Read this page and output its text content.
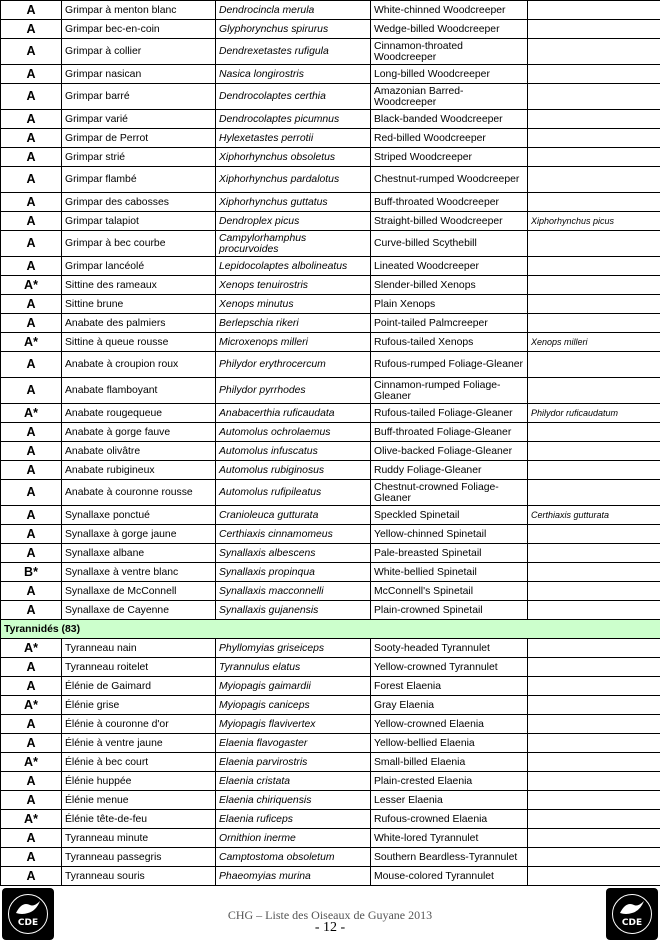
A	Grimpar à menton blanc	Dendrocincla merula	White-chinned Woodcreeper	
A	Grimpar bec-en-coin	Glyphorynchus spirurus	Wedge-billed Woodcreeper	
A	Grimpar à collier	Dendrexetastes rufigula	Cinnamon-throated Woodcreeper	
A	Grimpar nasican	Nasica longirostris	Long-billed Woodcreeper	
A	Grimpar barré	Dendrocolaptes certhia	Amazonian Barred-Woodcreeper	
A	Grimpar varié	Dendrocolaptes picumnus	Black-banded Woodcreeper	
A	Grimpar de Perrot	Hylexetastes perrotii	Red-billed Woodcreeper	
A	Grimpar strié	Xiphorhynchus obsoletus	Striped Woodcreeper	
A	Grimpar flambé	Xiphorhynchus pardalotus	Chestnut-rumped Woodcreeper	
A	Grimpar des cabosses	Xiphorhynchus guttatus	Buff-throated Woodcreeper	
A	Grimpar talapiot	Dendroplex picus	Straight-billed Woodcreeper	Xiphorhynchus picus
A	Grimpar à bec courbe	Campylorhamphus procurvoides	Curve-billed Scythebill	
A	Grimpar lancéolé	Lepidocolaptes albolineatus	Lineated Woodcreeper	
A*	Sittine des rameaux	Xenops tenuirostris	Slender-billed Xenops	
A	Sittine brune	Xenops minutus	Plain Xenops	
A	Anabate des palmiers	Berlepschia rikeri	Point-tailed Palmcreeper	
A*	Sittine à queue rousse	Microxenops milleri	Rufous-tailed Xenops	Xenops milleri
A	Anabate à croupion roux	Philydor erythrocercum	Rufous-rumped Foliage-Gleaner	
A	Anabate flamboyant	Philydor pyrrhodes	Cinnamon-rumped Foliage-Gleaner	
A*	Anabate rougequeue	Anabacerthia ruficaudata	Rufous-tailed Foliage-Gleaner	Philydor ruficaudatum
A	Anabate à gorge fauve	Automolus ochrolaemus	Buff-throated Foliage-Gleaner	
A	Anabate olivâtre	Automolus infuscatus	Olive-backed Foliage-Gleaner	
A	Anabate rubigineux	Automolus rubiginosus	Ruddy Foliage-Gleaner	
A	Anabate à couronne rousse	Automolus rufipileatus	Chestnut-crowned Foliage-Gleaner	
A	Synallaxe ponctué	Cranioleuca gutturata	Speckled Spinetail	Certhiaxis gutturata
A	Synallaxe à gorge jaune	Certhiaxis cinnamomeus	Yellow-chinned Spinetail	
A	Synallaxe albane	Synallaxis albescens	Pale-breasted Spinetail	
B*	Synallaxe à ventre blanc	Synallaxis propinqua	White-bellied Spinetail	
A	Synallaxe de McConnell	Synallaxis macconnelli	McConnell's Spinetail	
A	Synallaxe de Cayenne	Synallaxis gujanensis	Plain-crowned Spinetail	
Tyrannidés (83)				
A*	Tyranneau nain	Phyllomyias griseiceps	Sooty-headed Tyrannulet	
A	Tyranneau roitelet	Tyrannulus elatus	Yellow-crowned Tyrannulet	
A	Élénie de Gaimard	Myiopagis gaimardii	Forest Elaenia	
A*	Élénie grise	Myiopagis caniceps	Gray Elaenia	
A	Élénie à couronne d'or	Myiopagis flavivertex	Yellow-crowned Elaenia	
A	Élénie à ventre jaune	Elaenia flavogaster	Yellow-bellied Elaenia	
A*	Élénie à bec court	Elaenia parvirostris	Small-billed Elaenia	
A	Élénie huppée	Elaenia cristata	Plain-crested Elaenia	
A	Élénie menue	Elaenia chiriquensis	Lesser Elaenia	
A*	Élénie tête-de-feu	Elaenia ruficeps	Rufous-crowned Elaenia	
A	Tyranneau minute	Ornithion inerme	White-lored Tyrannulet	
A	Tyranneau passegris	Camptostoma obsoletum	Southern Beardless-Tyrannulet	
A	Tyranneau souris	Phaeomyias murina	Mouse-colored Tyrannulet	
CDE
CHG – Liste des Oiseaux de Guyane 2013
- 12 -	CDE
